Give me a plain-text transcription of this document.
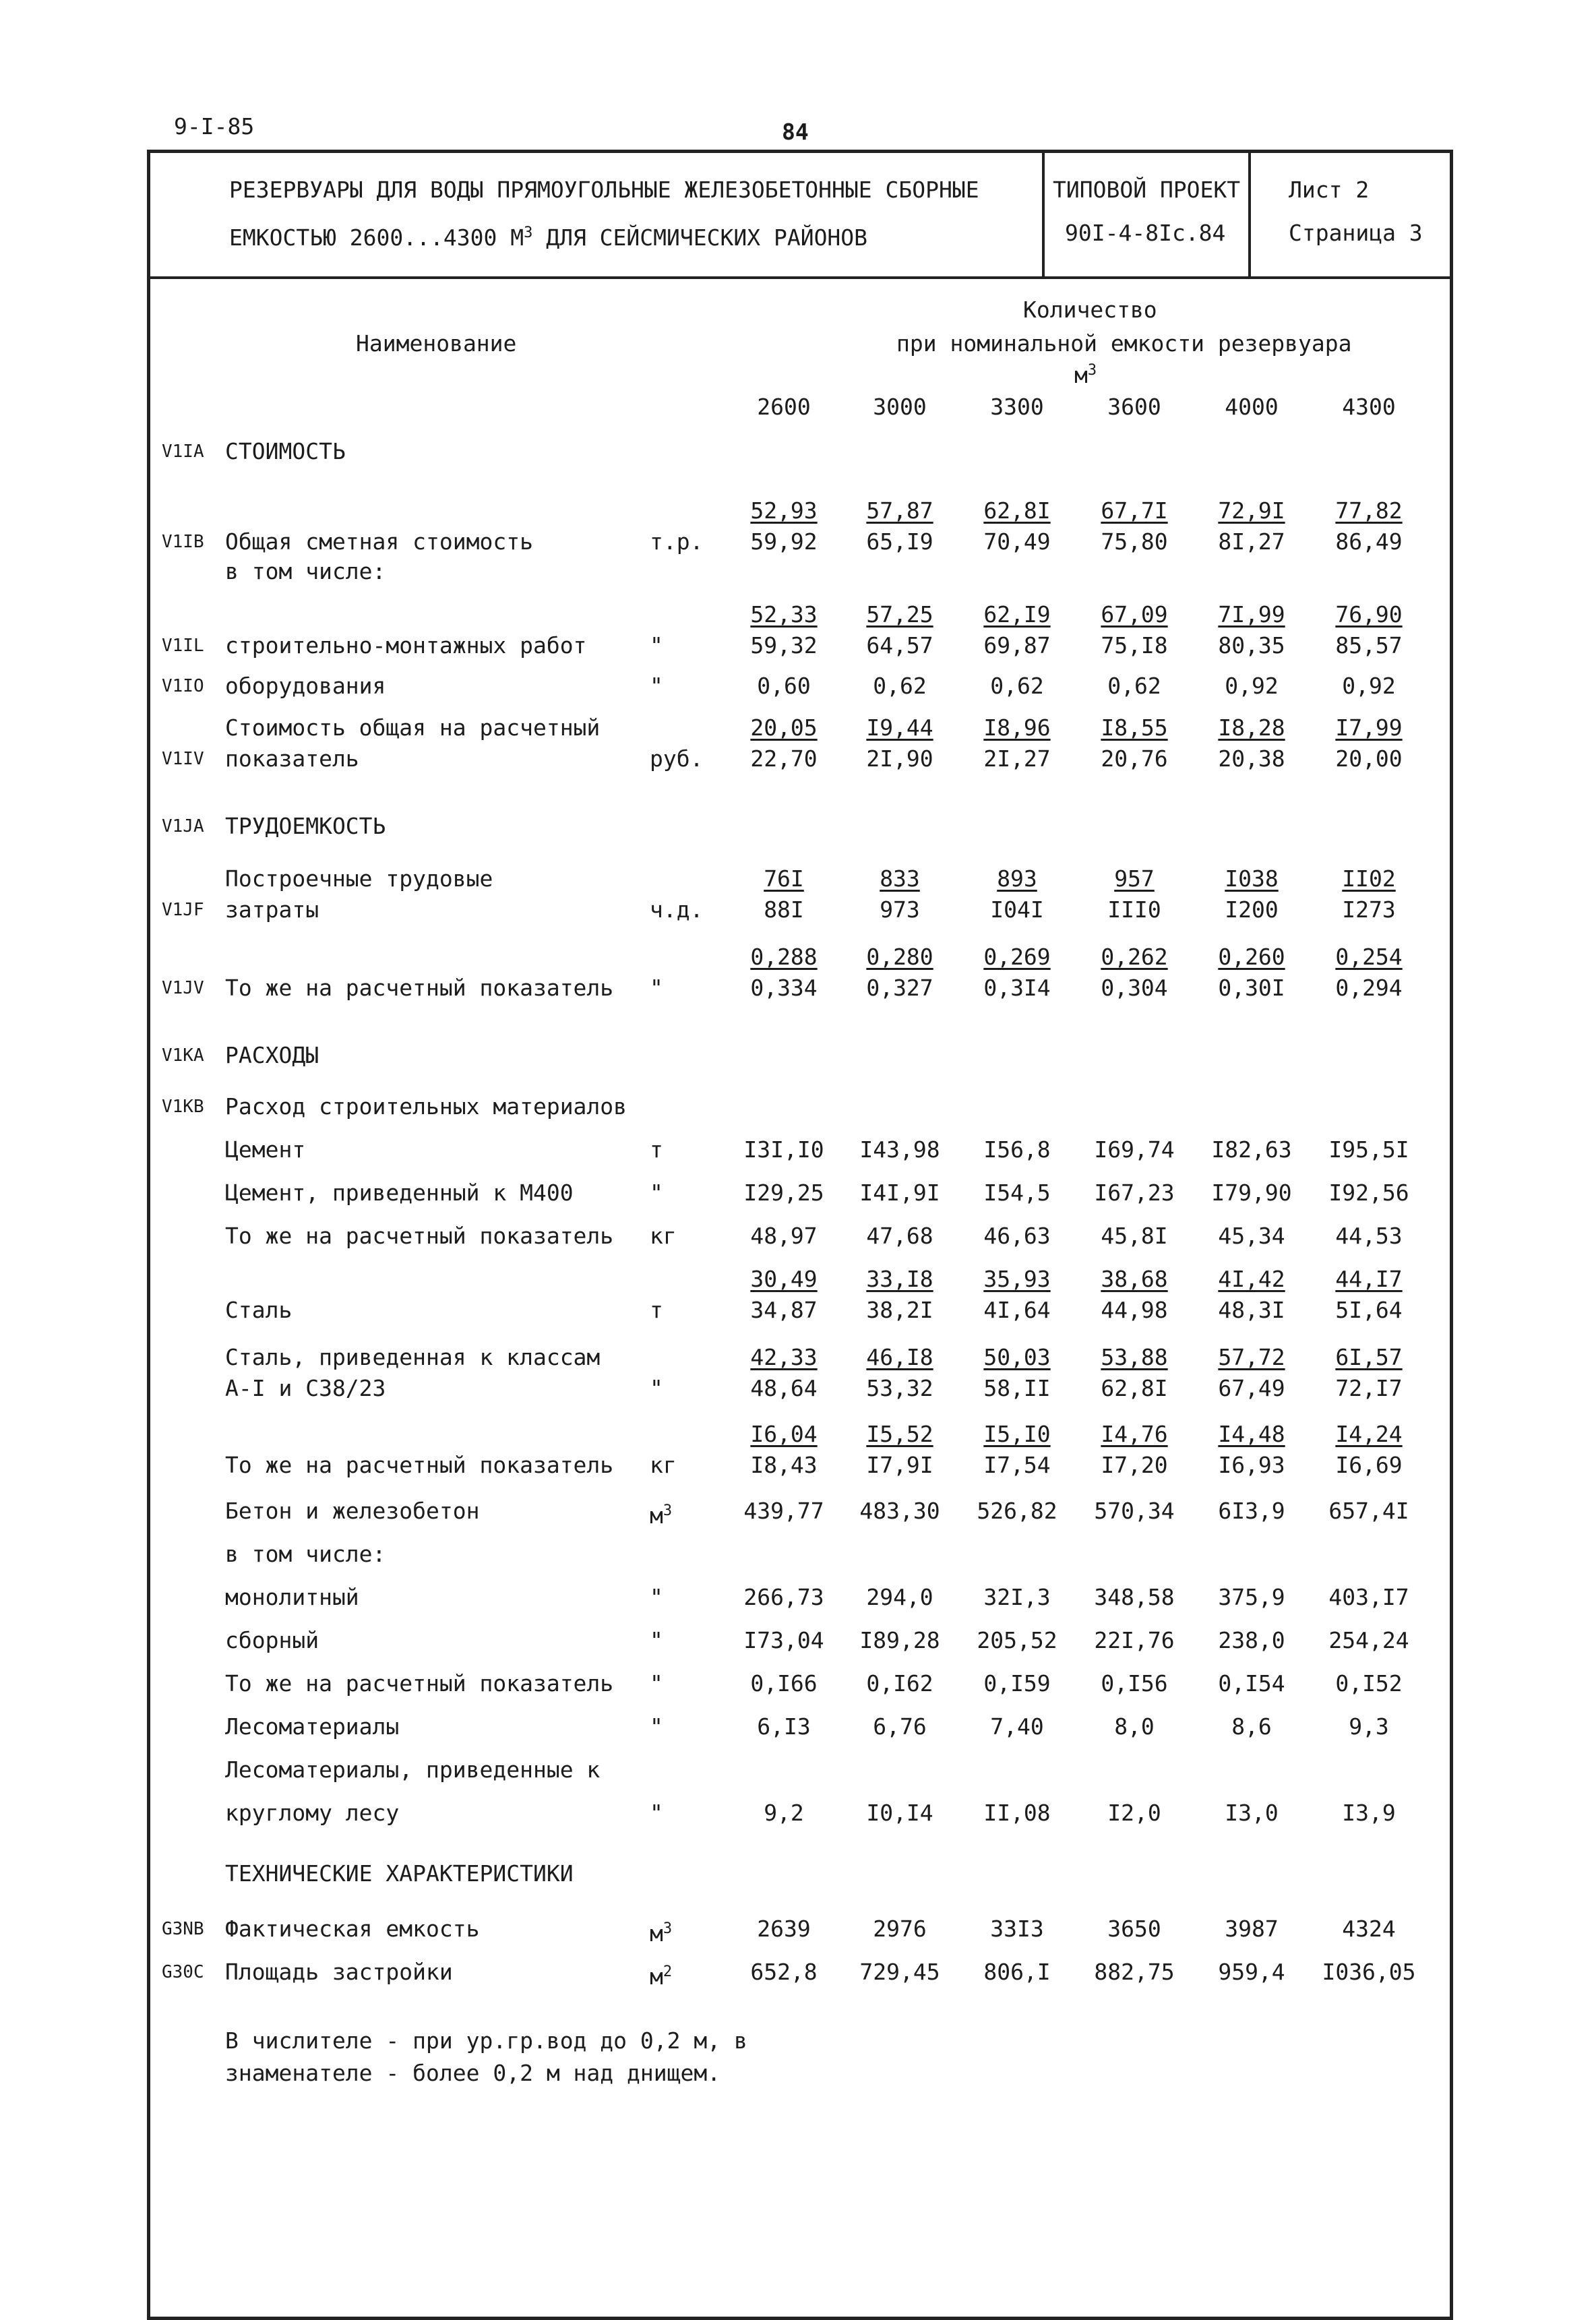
9-I-85	84
РЕЗЕРВУАРЫ ДЛЯ ВОДЫ ПРЯМОУГОЛЬНЫЕ ЖЕЛЕЗОБЕТОННЫЕ СБОРНЫЕ
ЕМКОСТЬЮ 2600...4300 $М^3$ ДЛЯ СЕЙСМИЧЕСКИХ РАЙОНОВ
ТИПОВОЙ ПРОЕКТ
90I-4-8Iс.84
Лист 2
Страница 3
Наименование
Количество
при номинальной емкости резервуара
$м^3$
2600	3000	3300	3600	4000	4300
V1IA СТОИМОСТЬ
V1IB Общая сметная стоимость	т.р.
52,93	57,87	62,8I	67,7I	72,9I	77,82
59,92	65,I9	70,49	75,80	8I,27	86,49
в том числе:
V1IL строительно-монтажных работ	"
52,33	57,25	62,I9	67,09	7I,99	76,90
59,32	64,57	69,87	75,I8	80,35	85,57
V1IO оборудования	"	0,60	0,62	0,62	0,62	0,92	0,92
V1IV
Стоимость общая на расчетный
показатель	руб.
20,05	I9,44	I8,96	I8,55	I8,28	I7,99
22,70	2I,90	2I,27	20,76	20,38	20,00
V1JA ТРУДОЕМКОСТЬ
V1JF
Построечные трудовые
затраты	ч.д.
76I	833	893	957	I038	II02
88I	973	I04I	III0	I200	I273
V1JV То же на расчетный показатель "
0,288	0,280	0,269	0,262	0,260	0,254
0,334	0,327	0,3I4	0,304	0,30I	0,294
V1KA РАСХОДЫ
V1KB Расход строительных материалов
Цемент	т	I3I,I0	I43,98	I56,8	I69,74	I82,63	I95,5I
Цемент, приведенный к М400	"	I29,25	I4I,9I	I54,5	I67,23	I79,90	I92,56
То же на расчетный показатель кг	48,97	47,68	46,63	45,8I	45,34	44,53
Сталь	т
30,49	33,I8	35,93	38,68	4I,42	44,I7
34,87	38,2I	4I,64	44,98	48,3I	5I,64
Сталь, приведенная к классам
А-I и С38/23	"
42,33	46,I8	50,03	53,88	57,72	6I,57
48,64	53,32	58,II	62,8I	67,49	72,I7
То же на расчетный показатель кг
I6,04	I5,52	I5,I0	I4,76	I4,48	I4,24
I8,43	I7,9I	I7,54	I7,20	I6,93	I6,69
Бетон и железобетон	$м^3$	439,77	483,30	526,82	570,34	6I3,9	657,4I
в том числе:
монолитный	"	266,73	294,0	32I,3	348,58	375,9	403,I7
сборный	"	I73,04	I89,28	205,52	22I,76	238,0	254,24
То же на расчетный показатель "	0,I66	0,I62	0,I59	0,I56	0,I54	0,I52
Лесоматериалы	"	6,I3	6,76	7,40	8,0	8,6	9,3
Лесоматериалы, приведенные к
круглому лесу	"	9,2	I0,I4	II,08	I2,0	I3,0	I3,9
ТЕХНИЧЕСКИЕ ХАРАКТЕРИСТИКИ
G3NB Фактическая емкость	$м^3$	2639	2976	33I3	3650	3987	4324
G30C Площадь застройки	$м^2$	652,8	729,45	806,I	882,75	959,4	I036,05
В числителе - при ур.гр.вод до 0,2 м, в
знаменателе - более 0,2 м над днищем.
